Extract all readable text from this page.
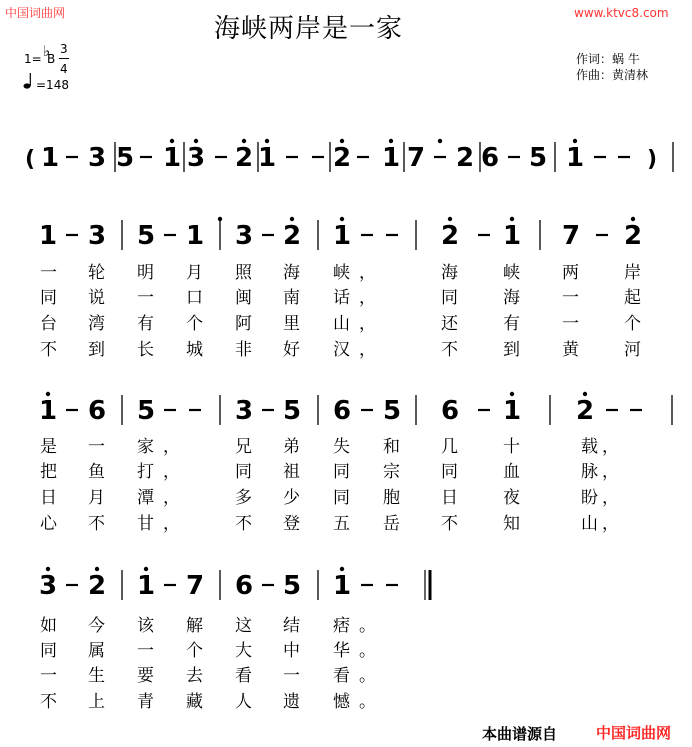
中国词曲网	www.ktvc8.com
海峡两岸是一家
作词：蜗 牛
作曲：黄清林
1= ♭
B
3
4
=148
( 1 3 5 1 3 2 1 2 1 7 2 6 5 1	)
1 3 5 1 3 2 1	2 1 7 2
1 6 5	3 5 6 5 6 1 2
3 2 1 7 6 5 1
一 轮 明 月 照 海 峡 ，	海	峡 两	岸
同 说 一 口 闽 南 话 ，	同	海 一	起
台 湾 有 个 阿 里 山 ，	还	有 一	个
不 到 长 城 非 好 汉 ，	不	到 黄	河
是 一 家 ，	兄 弟 失 和 几	十	载 ，
把 鱼 打 ，	同 祖 同 宗 同	血	脉 ，
日 月 潭 ，	多 少 同 胞 日	夜	盼 ，
心 不 甘 ，	不 登 五 岳 不	知	山 ，
如 今 该 解 这 结 痞 。
同 属 一 个 大 中 华 。
一 生 要 去 看 一 看 。
不 上 青 藏 人 遗 憾 。
本曲谱源自	中国词曲网
